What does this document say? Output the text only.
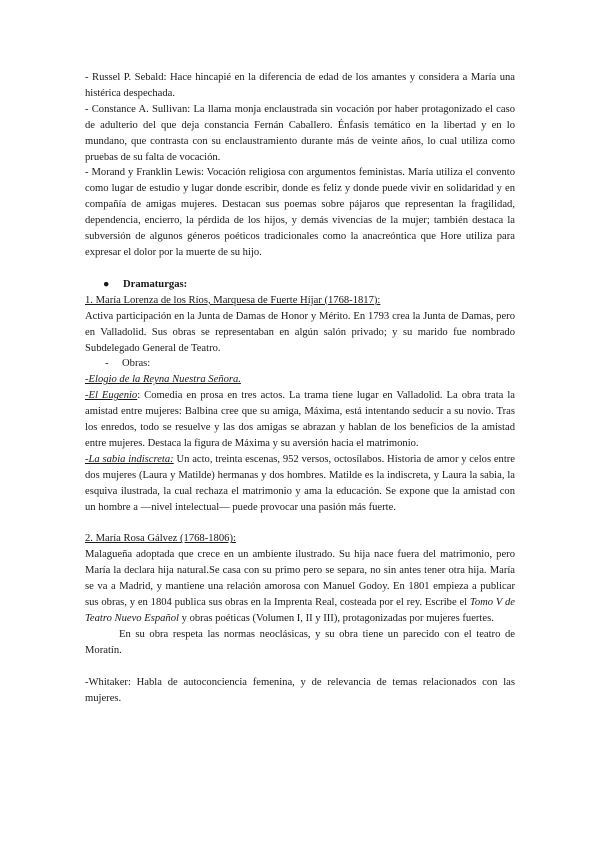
- Russel P. Sebald: Hace hincapié en la diferencia de edad de los amantes y considera a María una histérica despechada.

- Constance A. Sullivan: La llama monja enclaustrada sin vocación por haber protagonizado el caso de adulterio del que deja constancia Fernán Caballero. Énfasis temático en la libertad y en lo mundano, que contrasta con su enclaustramiento durante más de veinte años, lo cual utiliza como pruebas de su falta de vocación.

- Morand y Franklin Lewis: Vocación religiosa con argumentos feministas. María utiliza el convento como lugar de estudio y lugar donde escribir, donde es feliz y donde puede vivir en solidaridad y en compañía de amigas mujeres. Destacan sus poemas sobre pájaros que representan la fragilidad, dependencia, encierro, la pérdida de los hijos, y demás vivencias de la mujer; también destaca la subversión de algunos géneros poéticos tradicionales como la anacreóntica que Hore utiliza para expresar el dolor por la muerte de su hijo.

● Dramaturgas:

1. María Lorenza de los Ríos, Marquesa de Fuerte Híjar (1768-1817):

Activa participación en la Junta de Damas de Honor y Mérito. En 1793 crea la Junta de Damas, pero en Valladolid. Sus obras se representaban en algún salón privado; y su marido fue nombrado Subdelegado General de Teatro.

- Obras:

-Elogio de la Reyna Nuestra Señora.

-El Eugenio: Comedia en prosa en tres actos. La trama tiene lugar en Valladolid. La obra trata la amistad entre mujeres: Balbina cree que su amiga, Máxima, está intentando seducir a su novio. Tras los enredos, todo se resuelve y las dos amigas se abrazan y hablan de los beneficios de la amistad entre mujeres. Destaca la figura de Máxima y su aversión hacia el matrimonio.

-La sabia indiscreta: Un acto, treinta escenas, 952 versos, octosílabos. Historia de amor y celos entre dos mujeres (Laura y Matilde) hermanas y dos hombres. Matilde es la indiscreta, y Laura la sabia, la esquiva ilustrada, la cual rechaza el matrimonio y ama la educación. Se expone que la amistad con un hombre a ―nivel intelectual― puede provocar una pasión más fuerte.

2. María Rosa Gálvez (1768-1806):

Malagueña adoptada que crece en un ambiente ilustrado. Su hija nace fuera del matrimonio, pero María la declara hija natural.Se casa con su primo pero se separa, no sin antes tener otra hija. María se va a Madrid, y mantiene una relación amorosa con Manuel Godoy. En 1801 empieza a publicar sus obras, y en 1804 publica sus obras en la Imprenta Real, costeada por el rey. Escribe el Tomo V de Teatro Nuevo Español y obras poéticas (Volumen I, II y III), protagonizadas por mujeres fuertes.

En su obra respeta las normas neoclásicas, y su obra tiene un parecido con el teatro de Moratín.

-Whitaker: Habla de autoconciencia femenina, y de relevancia de temas relacionados con las mujeres.
